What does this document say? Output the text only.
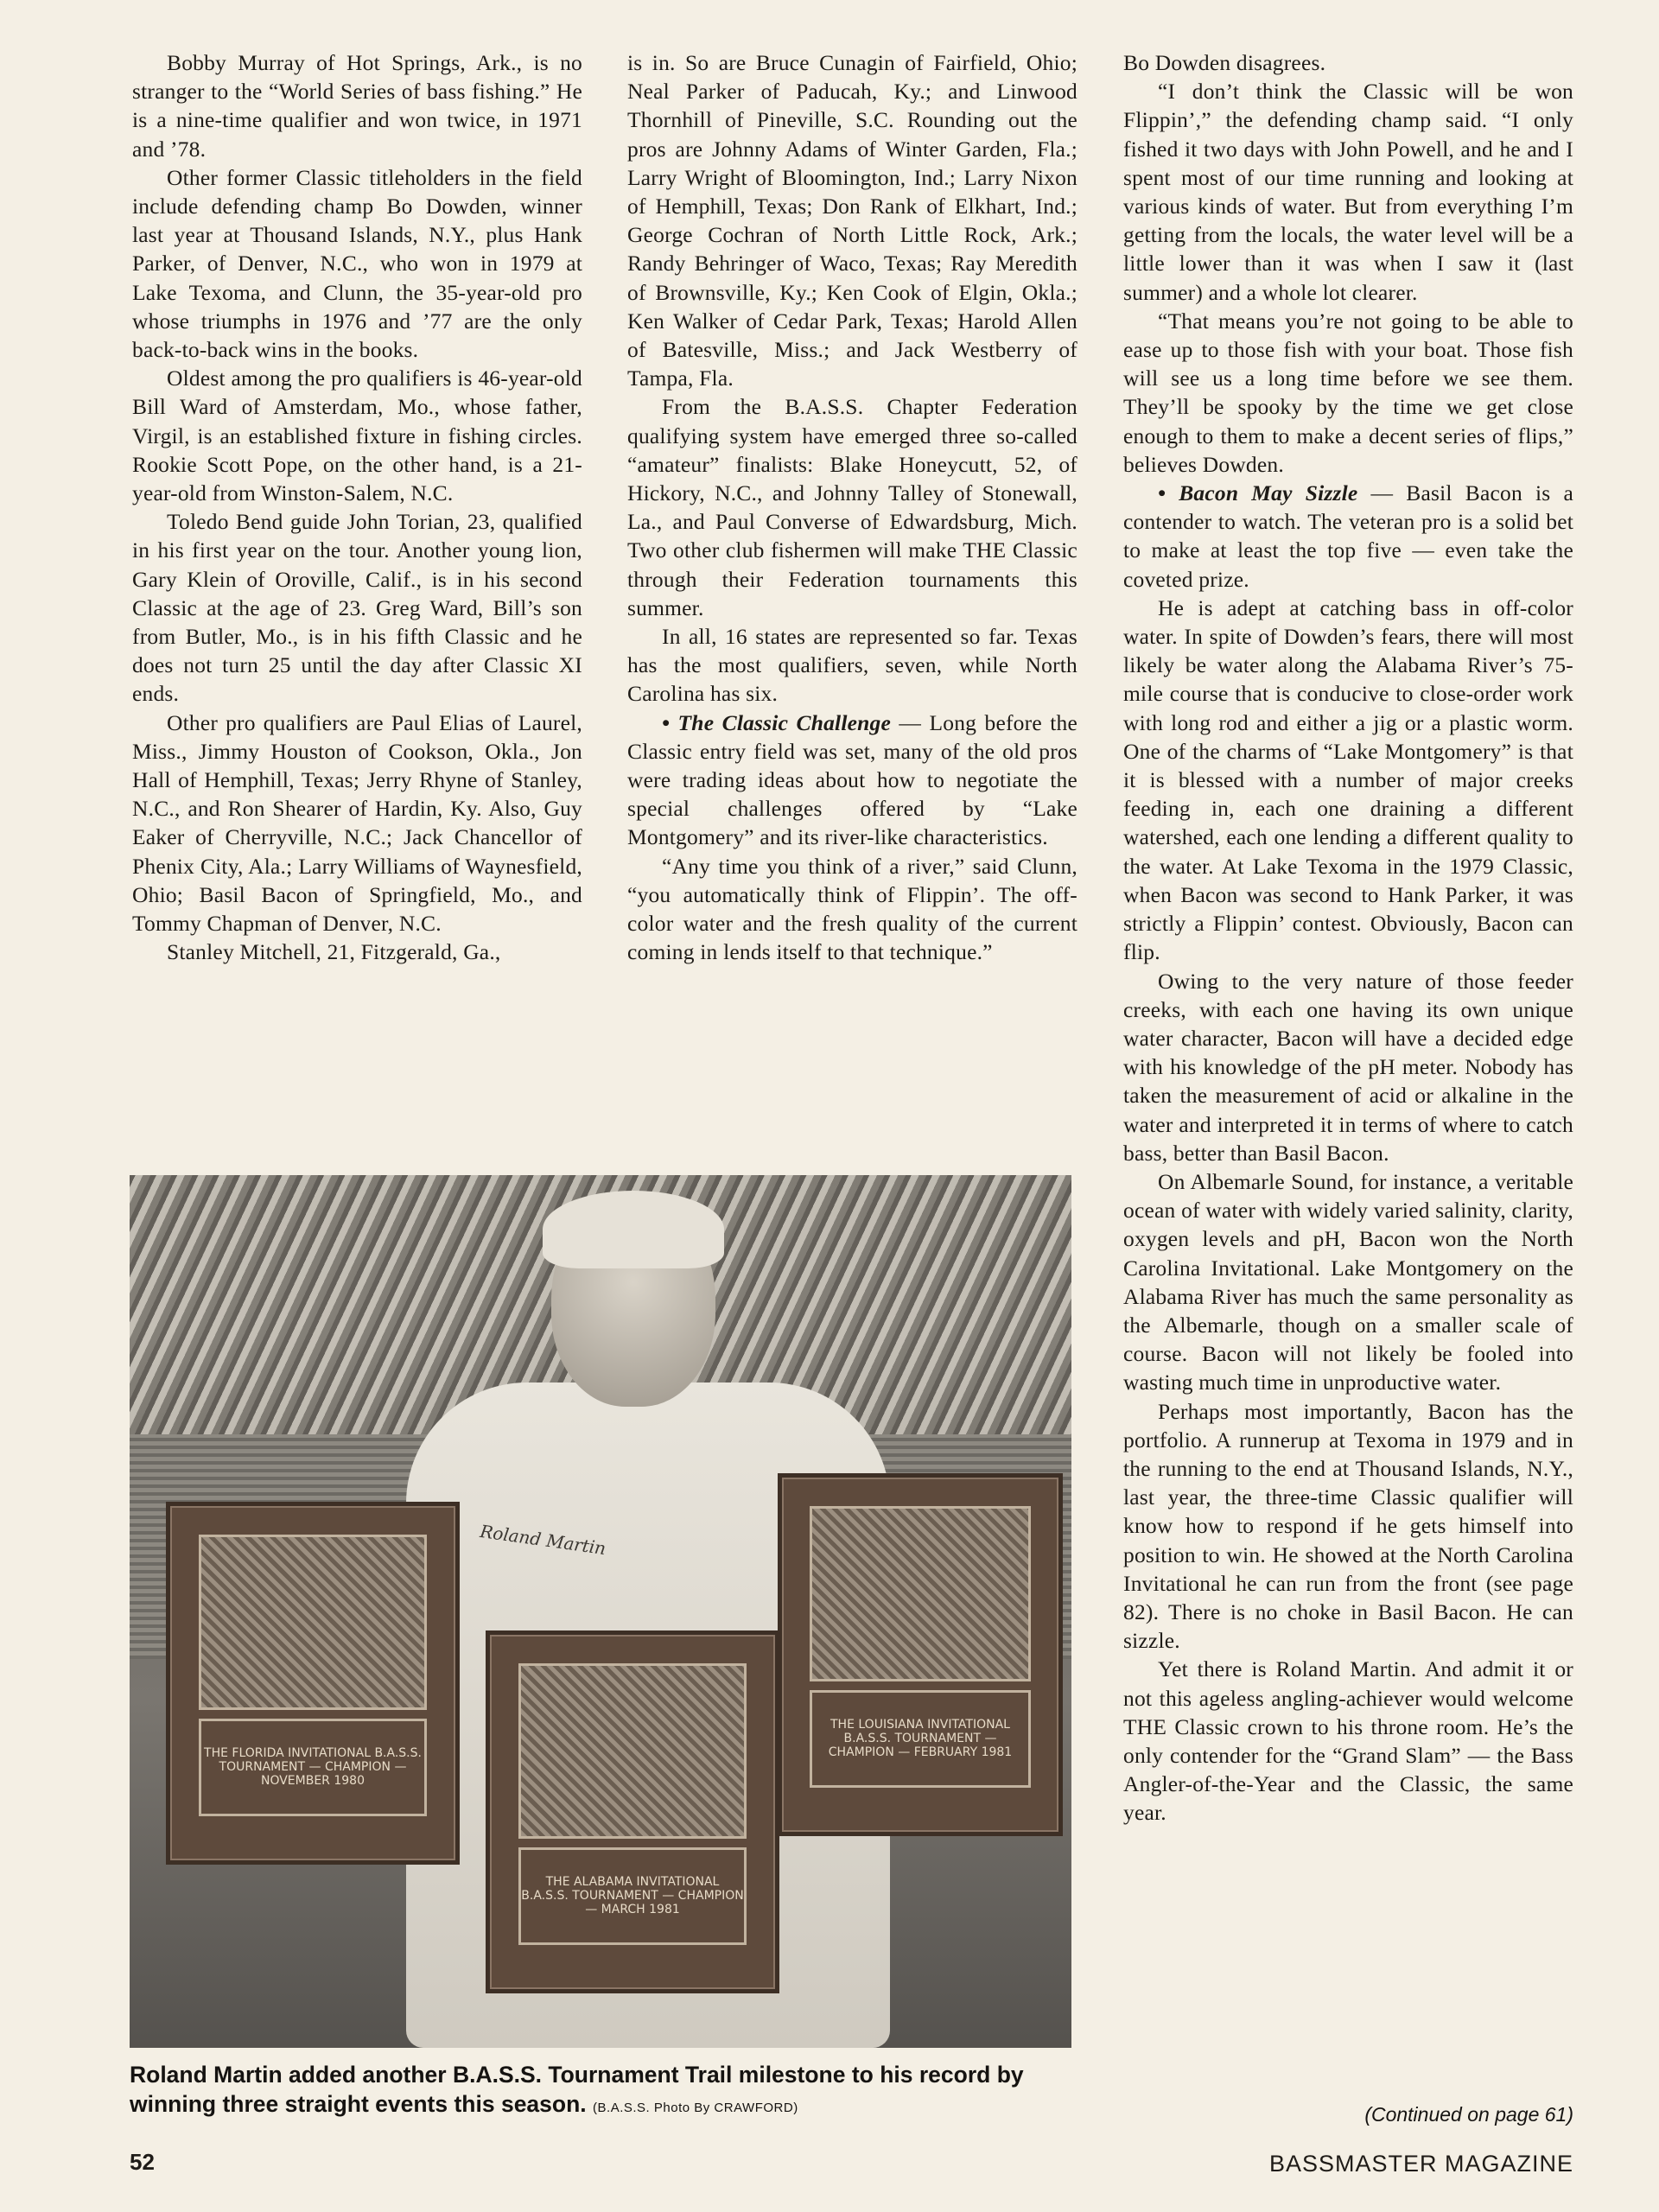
Bobby Murray of Hot Springs, Ark., is no stranger to the “World Series of bass fishing.” He is a nine-time qualifier and won twice, in 1971 and ’78.

Other former Classic titleholders in the field include defending champ Bo Dowden, winner last year at Thousand Islands, N.Y., plus Hank Parker, of Denver, N.C., who won in 1979 at Lake Texoma, and Clunn, the 35-year-old pro whose triumphs in 1976 and ’77 are the only back-to-back wins in the books.

Oldest among the pro qualifiers is 46-year-old Bill Ward of Amsterdam, Mo., whose father, Virgil, is an established fixture in fishing circles. Rookie Scott Pope, on the other hand, is a 21-year-old from Winston-Salem, N.C.

Toledo Bend guide John Torian, 23, qualified in his first year on the tour. Another young lion, Gary Klein of Oroville, Calif., is in his second Classic at the age of 23. Greg Ward, Bill’s son from Butler, Mo., is in his fifth Classic and he does not turn 25 until the day after Classic XI ends.

Other pro qualifiers are Paul Elias of Laurel, Miss., Jimmy Houston of Cookson, Okla., Jon Hall of Hemphill, Texas; Jerry Rhyne of Stanley, N.C., and Ron Shearer of Hardin, Ky. Also, Guy Eaker of Cherryville, N.C.; Jack Chancellor of Phenix City, Ala.; Larry Williams of Waynesfield, Ohio; Basil Bacon of Springfield, Mo., and Tommy Chapman of Denver, N.C.

Stanley Mitchell, 21, Fitzgerald, Ga.,

is in. So are Bruce Cunagin of Fairfield, Ohio; Neal Parker of Paducah, Ky.; and Linwood Thornhill of Pineville, S.C. Rounding out the pros are Johnny Adams of Winter Garden, Fla.; Larry Wright of Bloomington, Ind.; Larry Nixon of Hemphill, Texas; Don Rank of Elkhart, Ind.; George Cochran of North Little Rock, Ark.; Randy Behringer of Waco, Texas; Ray Meredith of Brownsville, Ky.; Ken Cook of Elgin, Okla.; Ken Walker of Cedar Park, Texas; Harold Allen of Batesville, Miss.; and Jack Westberry of Tampa, Fla.

From the B.A.S.S. Chapter Federation qualifying system have emerged three so-called “amateur” finalists: Blake Honeycutt, 52, of Hickory, N.C., and Johnny Talley of Stonewall, La., and Paul Converse of Edwardsburg, Mich. Two other club fishermen will make THE Classic through their Federation tournaments this summer.

In all, 16 states are represented so far. Texas has the most qualifiers, seven, while North Carolina has six.

• The Classic Challenge — Long before the Classic entry field was set, many of the old pros were trading ideas about how to negotiate the special challenges offered by “Lake Montgomery” and its river-like characteristics.

“Any time you think of a river,” said Clunn, “you automatically think of Flippin’. The off-color water and the fresh quality of the current coming in lends itself to that technique.”

Bo Dowden disagrees.

“I don’t think the Classic will be won Flippin’,” the defending champ said. “I only fished it two days with John Powell, and he and I spent most of our time running and looking at various kinds of water. But from everything I’m getting from the locals, the water level will be a little lower than it was when I saw it (last summer) and a whole lot clearer.

“That means you’re not going to be able to ease up to those fish with your boat. Those fish will see us a long time before we see them. They’ll be spooky by the time we get close enough to them to make a decent series of flips,” believes Dowden.

• Bacon May Sizzle — Basil Bacon is a contender to watch. The veteran pro is a solid bet to make at least the top five — even take the coveted prize.

He is adept at catching bass in off-color water. In spite of Dowden’s fears, there will most likely be water along the Alabama River’s 75-mile course that is conducive to close-order work with long rod and either a jig or a plastic worm. One of the charms of “Lake Montgomery” is that it is blessed with a number of major creeks feeding in, each one draining a different watershed, each one lending a different quality to the water. At Lake Texoma in the 1979 Classic, when Bacon was second to Hank Parker, it was strictly a Flippin’ contest. Obviously, Bacon can flip.

Owing to the very nature of those feeder creeks, with each one having its own unique water character, Bacon will have a decided edge with his knowledge of the pH meter. Nobody has taken the measurement of acid or alkaline in the water and interpreted it in terms of where to catch bass, better than Basil Bacon.

On Albemarle Sound, for instance, a veritable ocean of water with widely varied salinity, clarity, oxygen levels and pH, Bacon won the North Carolina Invitational. Lake Montgomery on the Alabama River has much the same personality as the Albemarle, though on a smaller scale of course. Bacon will not likely be fooled into wasting much time in unproductive water.

Perhaps most importantly, Bacon has the portfolio. A runnerup at Texoma in 1979 and in the running to the end at Thousand Islands, N.Y., last year, the three-time Classic qualifier will know how to respond if he gets himself into position to win. He showed at the North Carolina Invitational he can run from the front (see page 82). There is no choke in Basil Bacon. He can sizzle.

Yet there is Roland Martin. And admit it or not this ageless angling-achiever would welcome THE Classic crown to his throne room. He’s the only contender for the “Grand Slam” — the Bass Angler-of-the-Year and the Classic, the same year.

THE FLORIDA INVITATIONAL B.A.S.S. TOURNAMENT — CHAMPION — NOVEMBER 1980
THE LOUISIANA INVITATIONAL B.A.S.S. TOURNAMENT — CHAMPION — FEBRUARY 1981
THE ALABAMA INVITATIONAL B.A.S.S. TOURNAMENT — CHAMPION — MARCH 1981
Roland Martin
Roland Martin added another B.A.S.S. Tournament Trail milestone to his record by winning three straight events this season. (B.A.S.S. Photo By CRAWFORD)	(Continued on page 61)
52	BASSMASTER MAGAZINE
